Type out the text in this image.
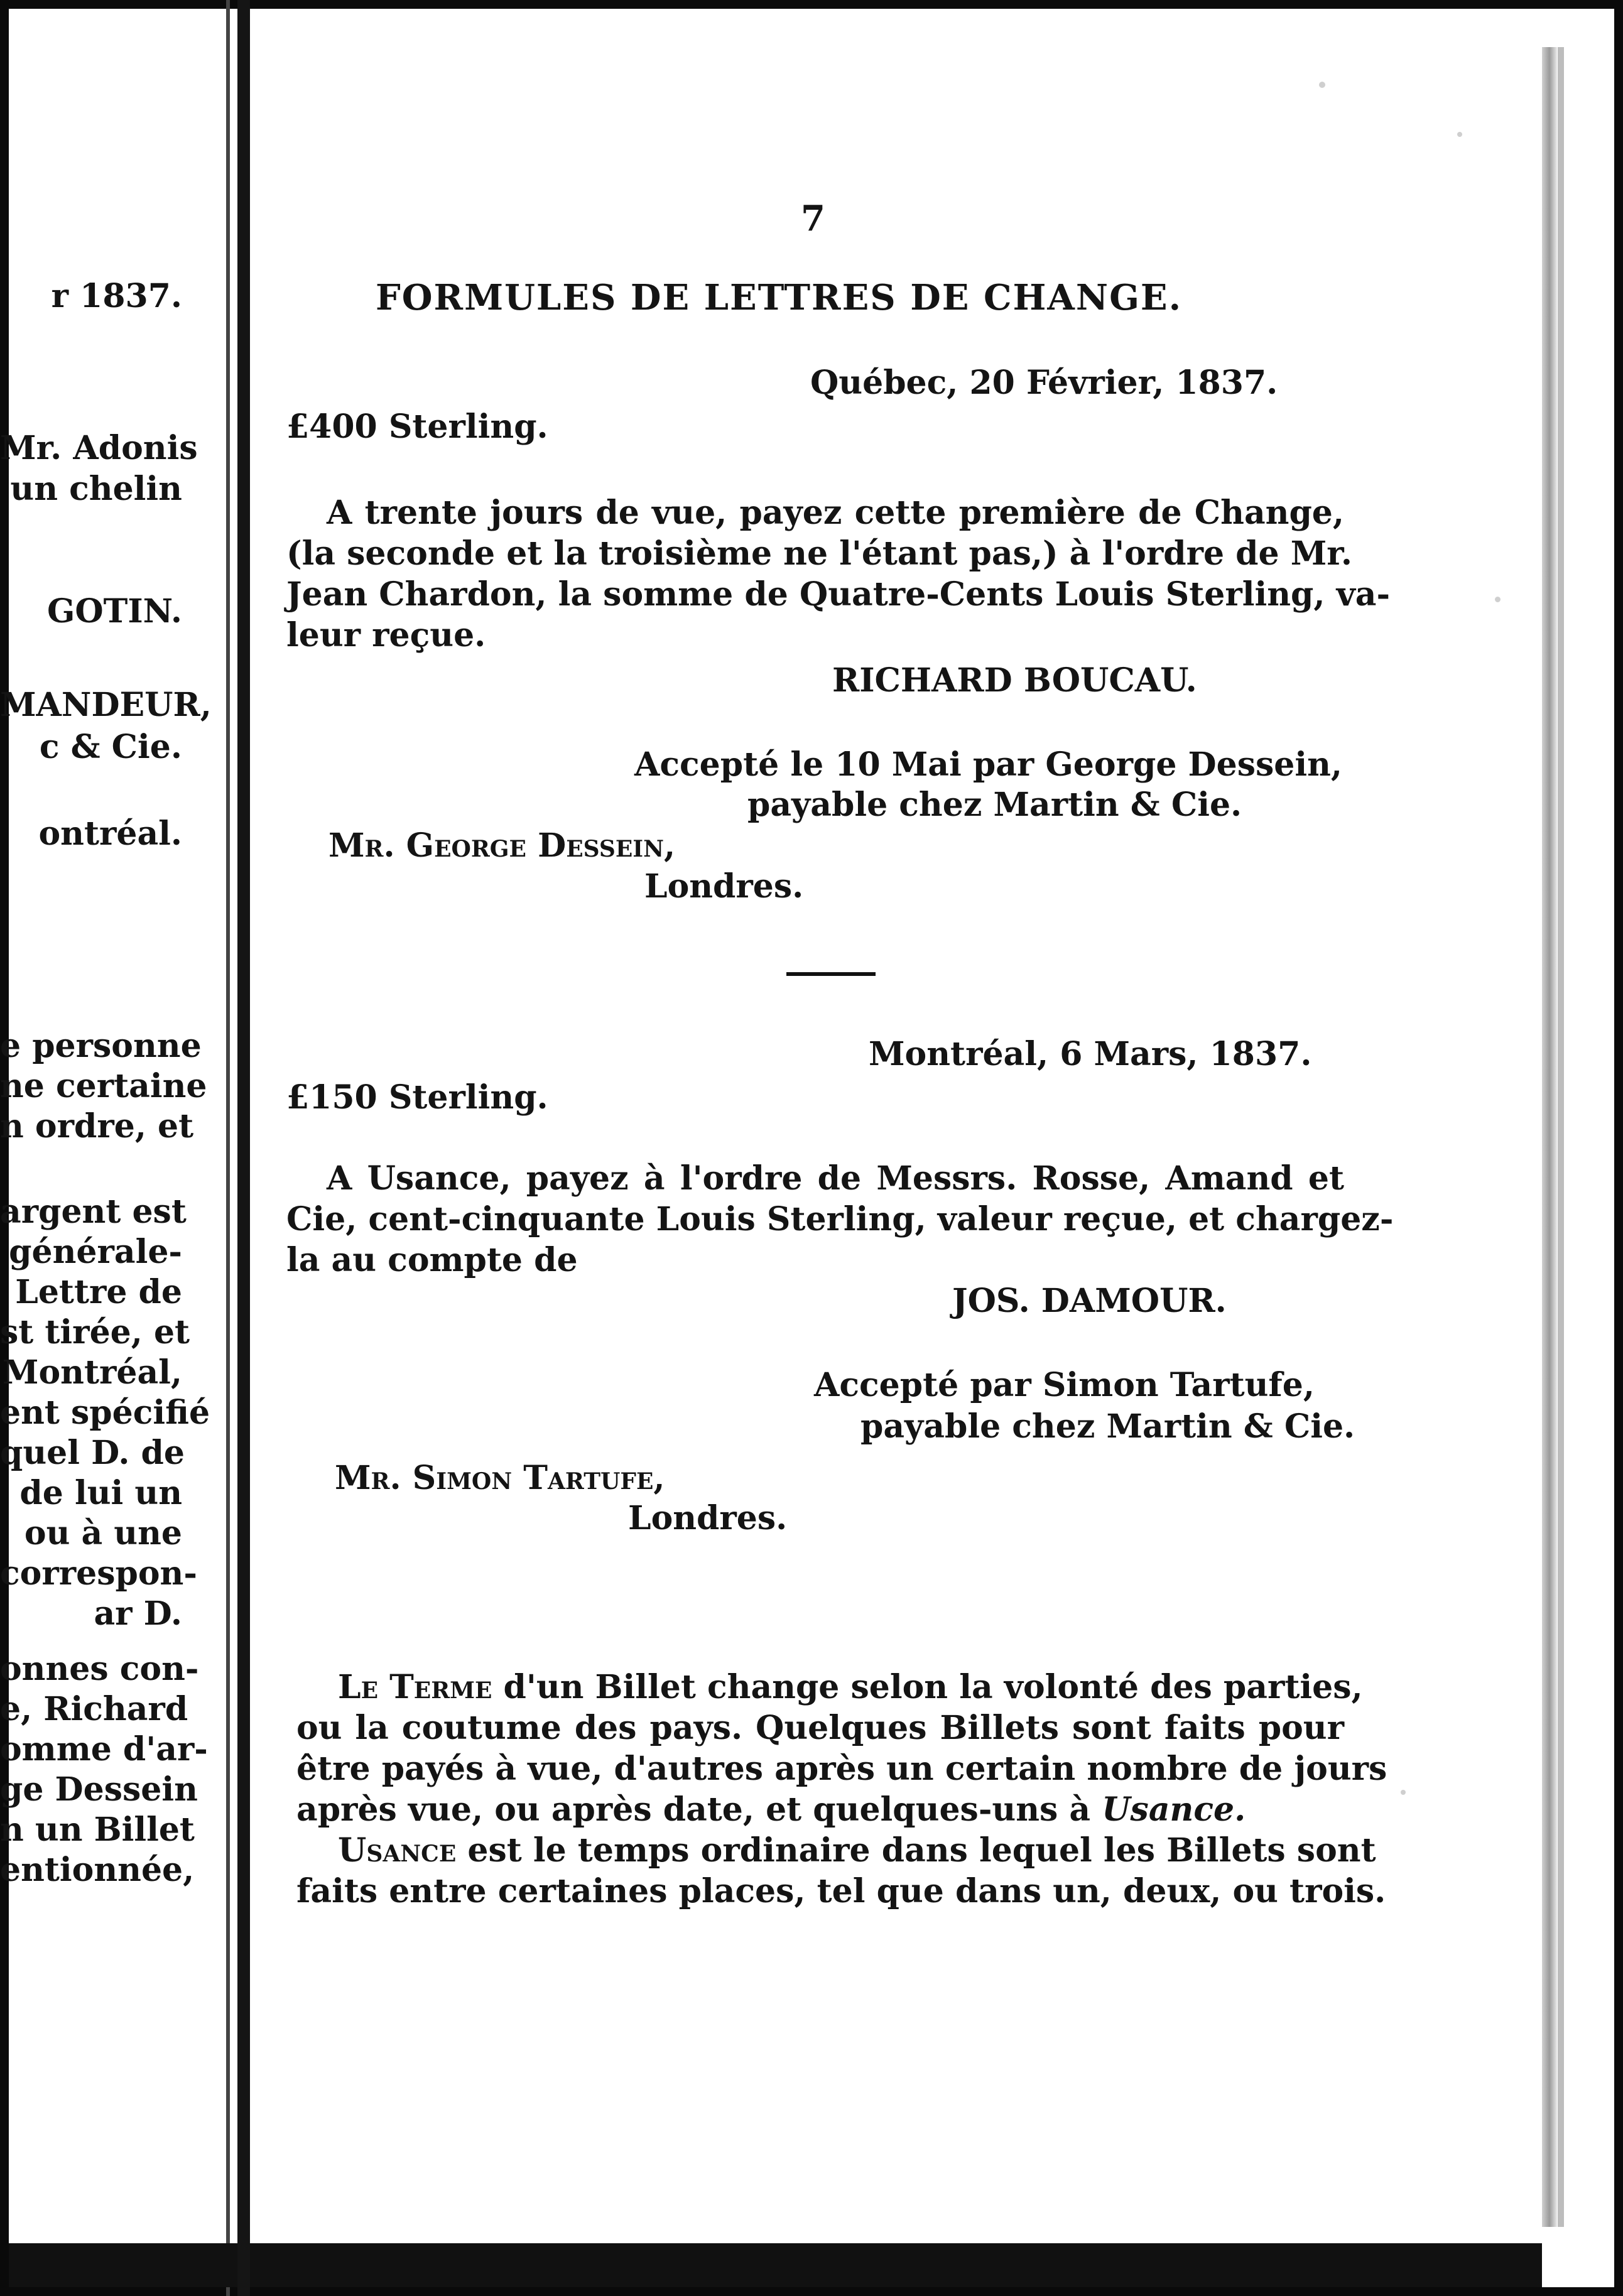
r 1837.
Mr. Adonis
un chelin
GOTIN.
MANDEUR,
c & Cie.
ontréal.
e personne
ne certaine
n ordre, et
argent est
générale-
Lettre de
st tirée, et
Montréal,
ent spécifié
quel D. de
de lui un
ou à une
correspon-
ar D.
onnes con-
e, Richard
omme d'ar-
ge Dessein
n un Billet
entionnée,
7
FORMULES DE LETTRES DE CHANGE.
Québec, 20 Février, 1837.
£400 Sterling.
A trente jours de vue, payez cette première de Change,
(la seconde et la troisième ne l'étant pas,) à l'ordre de Mr.
Jean Chardon, la somme de Quatre-Cents Louis Sterling, va-
leur reçue.
RICHARD BOUCAU.
Accepté le 10 Mai par George Dessein,
payable chez Martin & Cie.
Mr. George Dessein,
Londres.
Montréal, 6 Mars, 1837.
£150 Sterling.
A Usance, payez à l'ordre de Messrs. Rosse, Amand et
Cie, cent-cinquante Louis Sterling, valeur reçue, et chargez-
la au compte de
JOS. DAMOUR.
Accepté par Simon Tartufe,
payable chez Martin & Cie.
Mr. Simon Tartufe,
Londres.
Le Terme d'un Billet change selon la volonté des parties,
ou la coutume des pays. Quelques Billets sont faits pour
être payés à vue, d'autres après un certain nombre de jours
après vue, ou après date, et quelques-uns à Usance.
Usance est le temps ordinaire dans lequel les Billets sont
faits entre certaines places, tel que dans un, deux, ou trois.
